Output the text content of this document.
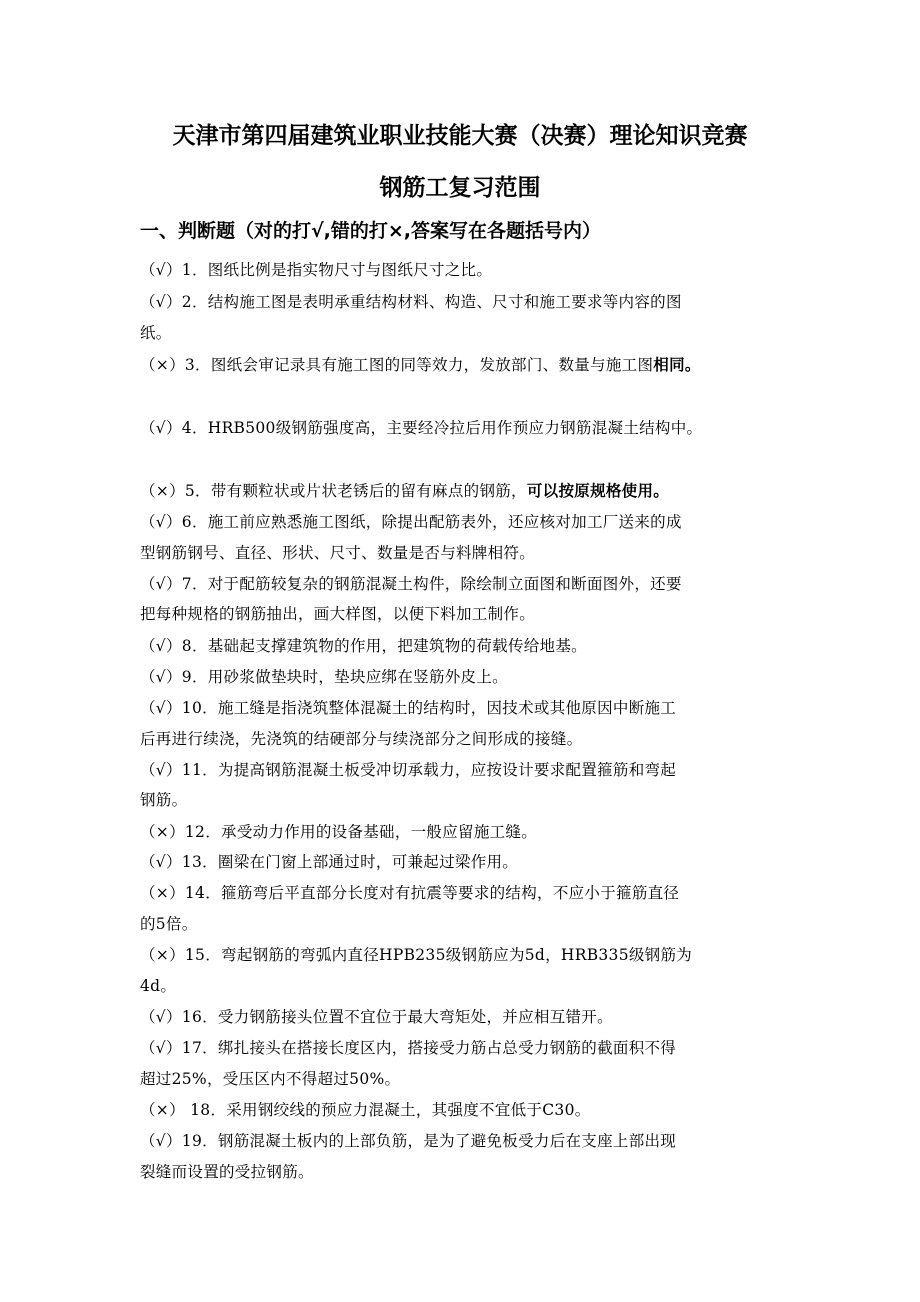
天津市第四届建筑业职业技能大赛（决赛）理论知识竞赛
钢筋工复习范围
一、判断题（对的打√,错的打×,答案写在各题括号内）
（√）1．图纸比例是指实物尺寸与图纸尺寸之比。
（√）2．结构施工图是表明承重结构材料、构造、尺寸和施工要求等内容的图
纸。
（×）3．图纸会审记录具有施工图的同等效力，发放部门、数量与施工图相同。
（√）4．HRB500级钢筋强度高，主要经冷拉后用作预应力钢筋混凝土结构中。
（×）5．带有颗粒状或片状老锈后的留有麻点的钢筋，可以按原规格使用。
（√）6．施工前应熟悉施工图纸，除提出配筋表外，还应核对加工厂送来的成
型钢筋钢号、直径、形状、尺寸、数量是否与料牌相符。
（√）7．对于配筋较复杂的钢筋混凝土构件，除绘制立面图和断面图外，还要
把每种规格的钢筋抽出，画大样图，以便下料加工制作。
（√）8．基础起支撑建筑物的作用，把建筑物的荷载传给地基。
（√）9．用砂浆做垫块时，垫块应绑在竖筋外皮上。
（√）10．施工缝是指浇筑整体混凝土的结构时，因技术或其他原因中断施工
后再进行续浇，先浇筑的结硬部分与续浇部分之间形成的接缝。
（√）11．为提高钢筋混凝土板受冲切承载力，应按设计要求配置箍筋和弯起
钢筋。
（×）12．承受动力作用的设备基础，一般应留施工缝。
（√）13．圈梁在门窗上部通过时，可兼起过梁作用。
（×）14．箍筋弯后平直部分长度对有抗震等要求的结构，不应小于箍筋直径
的5倍。
（×）15．弯起钢筋的弯弧内直径HPB235级钢筋应为5d，HRB335级钢筋为
4d。
（√）16．受力钢筋接头位置不宜位于最大弯矩处，并应相互错开。
（√）17．绑扎接头在搭接长度区内，搭接受力筋占总受力钢筋的截面积不得
超过25%，受压区内不得超过50%。
（×） 18．采用钢绞线的预应力混凝土，其强度不宜低于C30。
（√）19．钢筋混凝土板内的上部负筋，是为了避免板受力后在支座上部出现
裂缝而设置的受拉钢筋。
